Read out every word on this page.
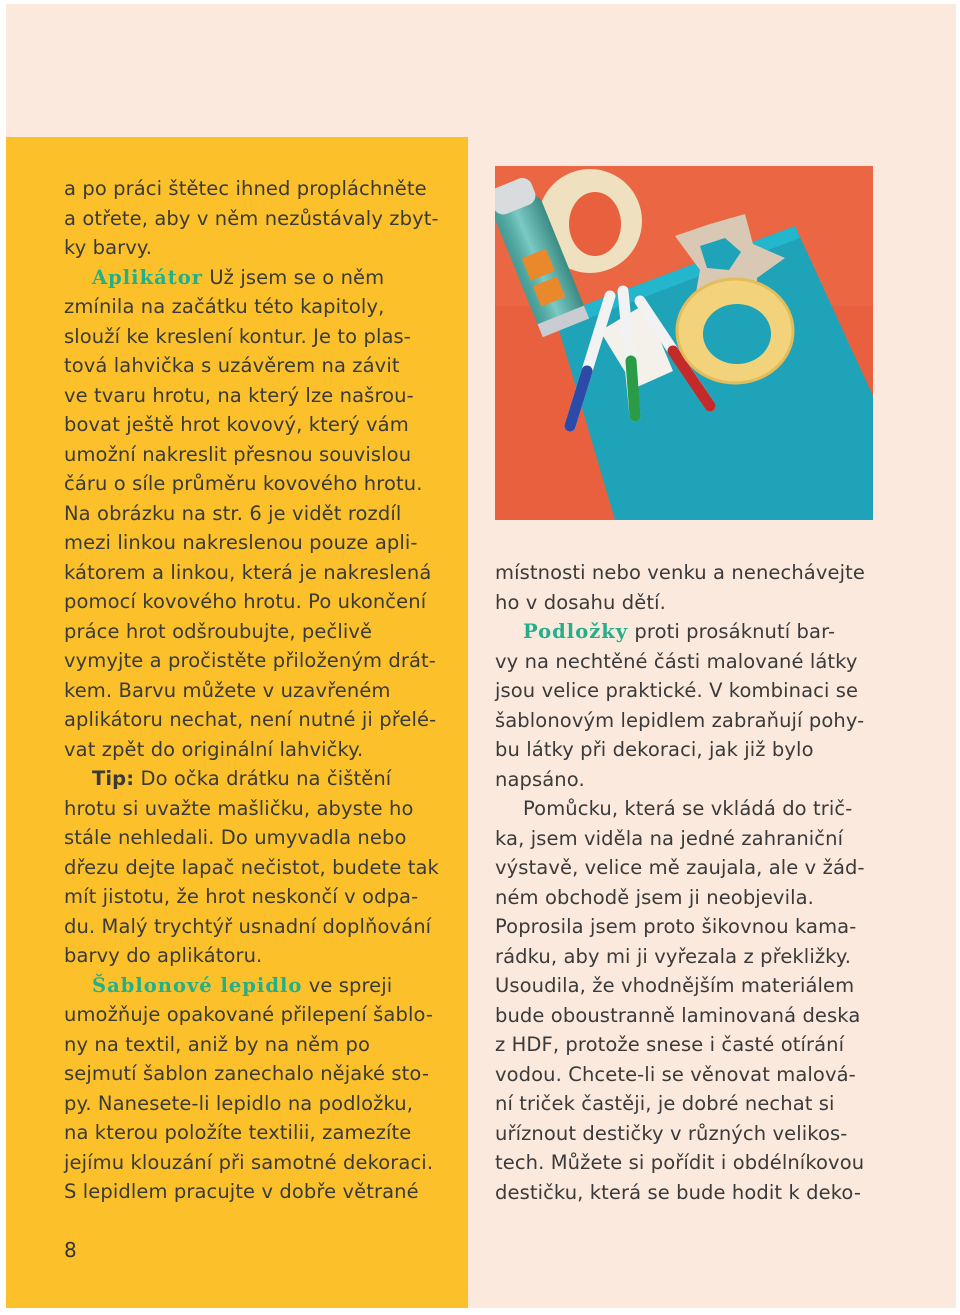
a po práci štětec ihned propláchněte
a otřete, aby v něm nezůstávaly zbyt-
ky barvy.

Aplikátor Už jsem se o něm
zmínila na začátku této kapitoly,
slouží ke kreslení kontur. Je to plas-
tová lahvička s uzávěrem na závit
ve tvaru hrotu, na který lze našrou-
bovat ještě hrot kovový, který vám
umožní nakreslit přesnou souvislou
čáru o síle průměru kovového hrotu.
Na obrázku na str. 6 je vidět rozdíl
mezi linkou nakreslenou pouze apli-
kátorem a linkou, která je nakreslená
pomocí kovového hrotu. Po ukončení
práce hrot odšroubujte, pečlivě
vymyjte a pročistěte přiloženým drát-
kem. Barvu můžete v uzavřeném
aplikátoru nechat, není nutné ji přelé-
vat zpět do originální lahvičky.

Tip: Do očka drátku na čištění
hrotu si uvažte mašličku, abyste ho
stále nehledali. Do umyvadla nebo
dřezu dejte lapač nečistot, budete tak
mít jistotu, že hrot neskončí v odpa-
du. Malý trychtýř usnadní doplňování
barvy do aplikátoru.

Šablonové lepidlo ve spreji
umožňuje opakované přilepení šablo-
ny na textil, aniž by na něm po
sejmutí šablon zanechalo nějaké sto-
py. Nanesete-li lepidlo na podložku,
na kterou položíte textilii, zamezíte
jejímu klouzání při samotné dekoraci.
S lepidlem pracujte v dobře větrané

místnosti nebo venku a nenechávejte
ho v dosahu dětí.

Podložky proti prosáknutí bar-
vy na nechtěné části malované látky
jsou velice praktické. V kombinaci se
šablonovým lepidlem zabraňují pohy-
bu látky při dekoraci, jak již bylo
napsáno.

Pomůcku, která se vkládá do trič-
ka, jsem viděla na jedné zahraniční
výstavě, velice mě zaujala, ale v žád-
ném obchodě jsem ji neobjevila.
Poprosila jsem proto šikovnou kama-
rádku, aby mi ji vyřezala z překližky.
Usoudila, že vhodnějším materiálem
bude oboustranně laminovaná deska
z HDF, protože snese i časté otírání
vodou. Chcete-li se věnovat malová-
ní triček častěji, je dobré nechat si
uříznout destičky v různých velikos-
tech. Můžete si pořídit i obdélníkovou
destičku, která se bude hodit k deko-

8
